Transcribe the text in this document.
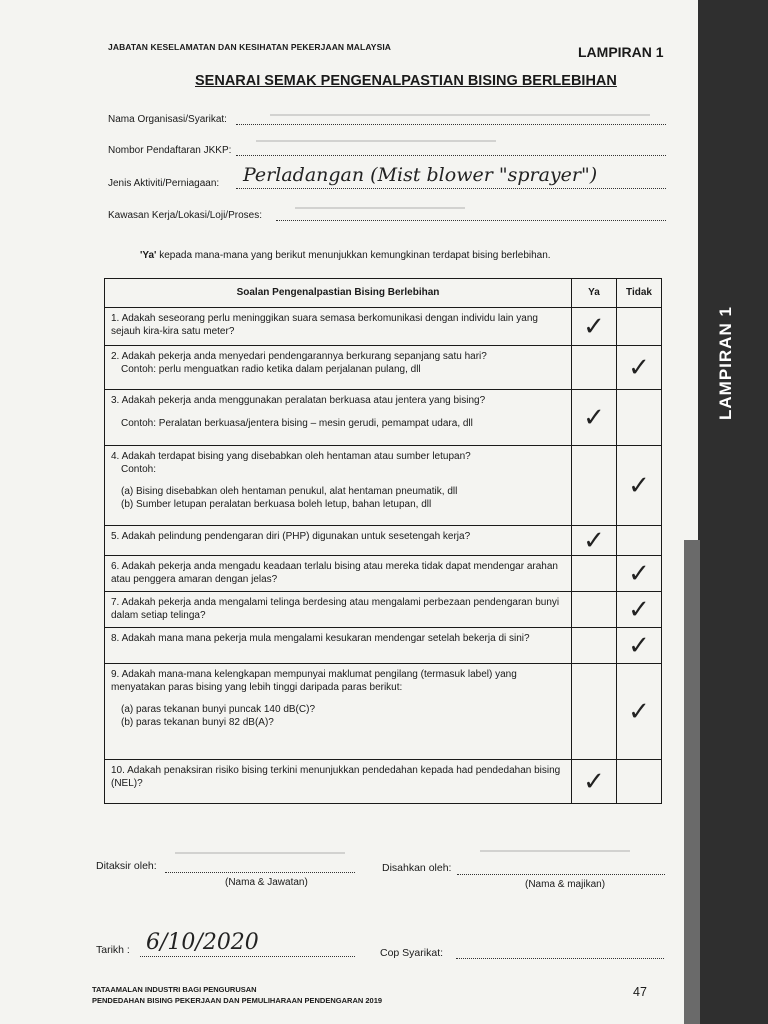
JABATAN KESELAMATAN DAN KESIHATAN PEKERJAAN MALAYSIA	LAMPIRAN 1
SENARAI SEMAK PENGENALPASTIAN BISING BERLEBIHAN
Nama Organisasi/Syarikat:
Nombor Pendaftaran JKKP:
Jenis Aktiviti/Perniagaan: Perladangan (Mist blower "sprayer")
Kawasan Kerja/Lokasi/Loji/Proses:
'Ya' kepada mana-mana yang berikut menunjukkan kemungkinan terdapat bising berlebihan.
Soalan Pengenalpastian Bising Berlebihan	Ya	Tidak

1. Adakah seseorang perlu meninggikan suara semasa berkomunikasi dengan individu lain yang sejauh kira-kira satu meter?	✓	

2. Adakah pekerja anda menyedari pendengarannya berkurang sepanjang satu hari?
Contoh: perlu menguatkan radio ketika dalam perjalanan pulang, dll		✓

3. Adakah pekerja anda menggunakan peralatan berkuasa atau jentera yang bising?
Contoh: Peralatan berkuasa/jentera bising – mesin gerudi, pemampat udara, dll	✓	

4. Adakah terdapat bising yang disebabkan oleh hentaman atau sumber letupan?
Contoh:
(a) Bising disebabkan oleh hentaman penukul, alat hentaman pneumatik, dll
(b) Sumber letupan peralatan berkuasa boleh letup, bahan letupan, dll		✓

5. Adakah pelindung pendengaran diri (PHP) digunakan untuk sesetengah kerja?	✓	

6. Adakah pekerja anda mengadu keadaan terlalu bising atau mereka tidak dapat mendengar arahan atau penggera amaran dengan jelas?		✓

7. Adakah pekerja anda mengalami telinga berdesing atau mengalami perbezaan pendengaran bunyi dalam setiap telinga?		✓

8. Adakah mana mana pekerja mula mengalami kesukaran mendengar setelah bekerja di sini?		✓

9. Adakah mana-mana kelengkapan mempunyai maklumat pengilang (termasuk label) yang menyatakan paras bising yang lebih tinggi daripada paras berikut:
(a) paras tekanan bunyi puncak 140 dB(C)?
(b) paras tekanan bunyi 82 dB(A)?		✓

10. Adakah penaksiran risiko bising terkini menunjukkan pendedahan kepada had pendedahan bising (NEL)?	✓	
Ditaksir oleh:
(Nama & Jawatan)
Disahkan oleh:
(Nama & majikan)
Tarikh : 6/10/2020	Cop Syarikat:
TATAAMALAN INDUSTRI BAGI PENGURUSAN
PENDEDAHAN BISING PEKERJAAN DAN PEMULIHARAAN PENDENGARAN 2019
47
